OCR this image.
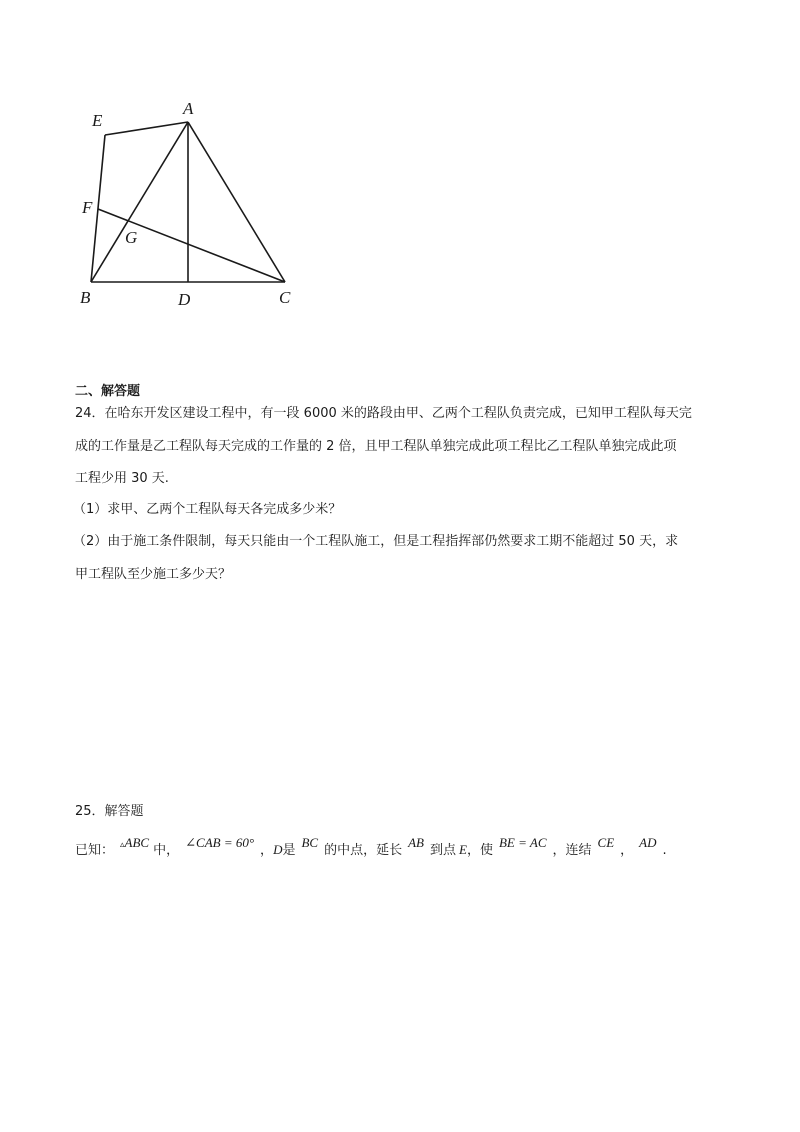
E
A
F
G
B	D	C
二、解答题
24．在哈东开发区建设工程中，有一段 6000 米的路段由甲、乙两个工程队负责完成，已知甲工程队每天完
成的工作量是乙工程队每天完成的工作量的 2 倍，且甲工程队单独完成此项工程比乙工程队单独完成此项
工程少用 30 天.
（1）求甲、乙两个工程队每天各完成多少米？
（2）由于施工条件限制，每天只能由一个工程队施工，但是工程指挥部仍然要求工期不能超过 50 天，求
甲工程队至少施工多少天？
25．解答题
已知： ▵ABC中，∠CAB = 60°，D是BC的中点，延长AB到点 E，使BE = AC，连结CE，AD.
